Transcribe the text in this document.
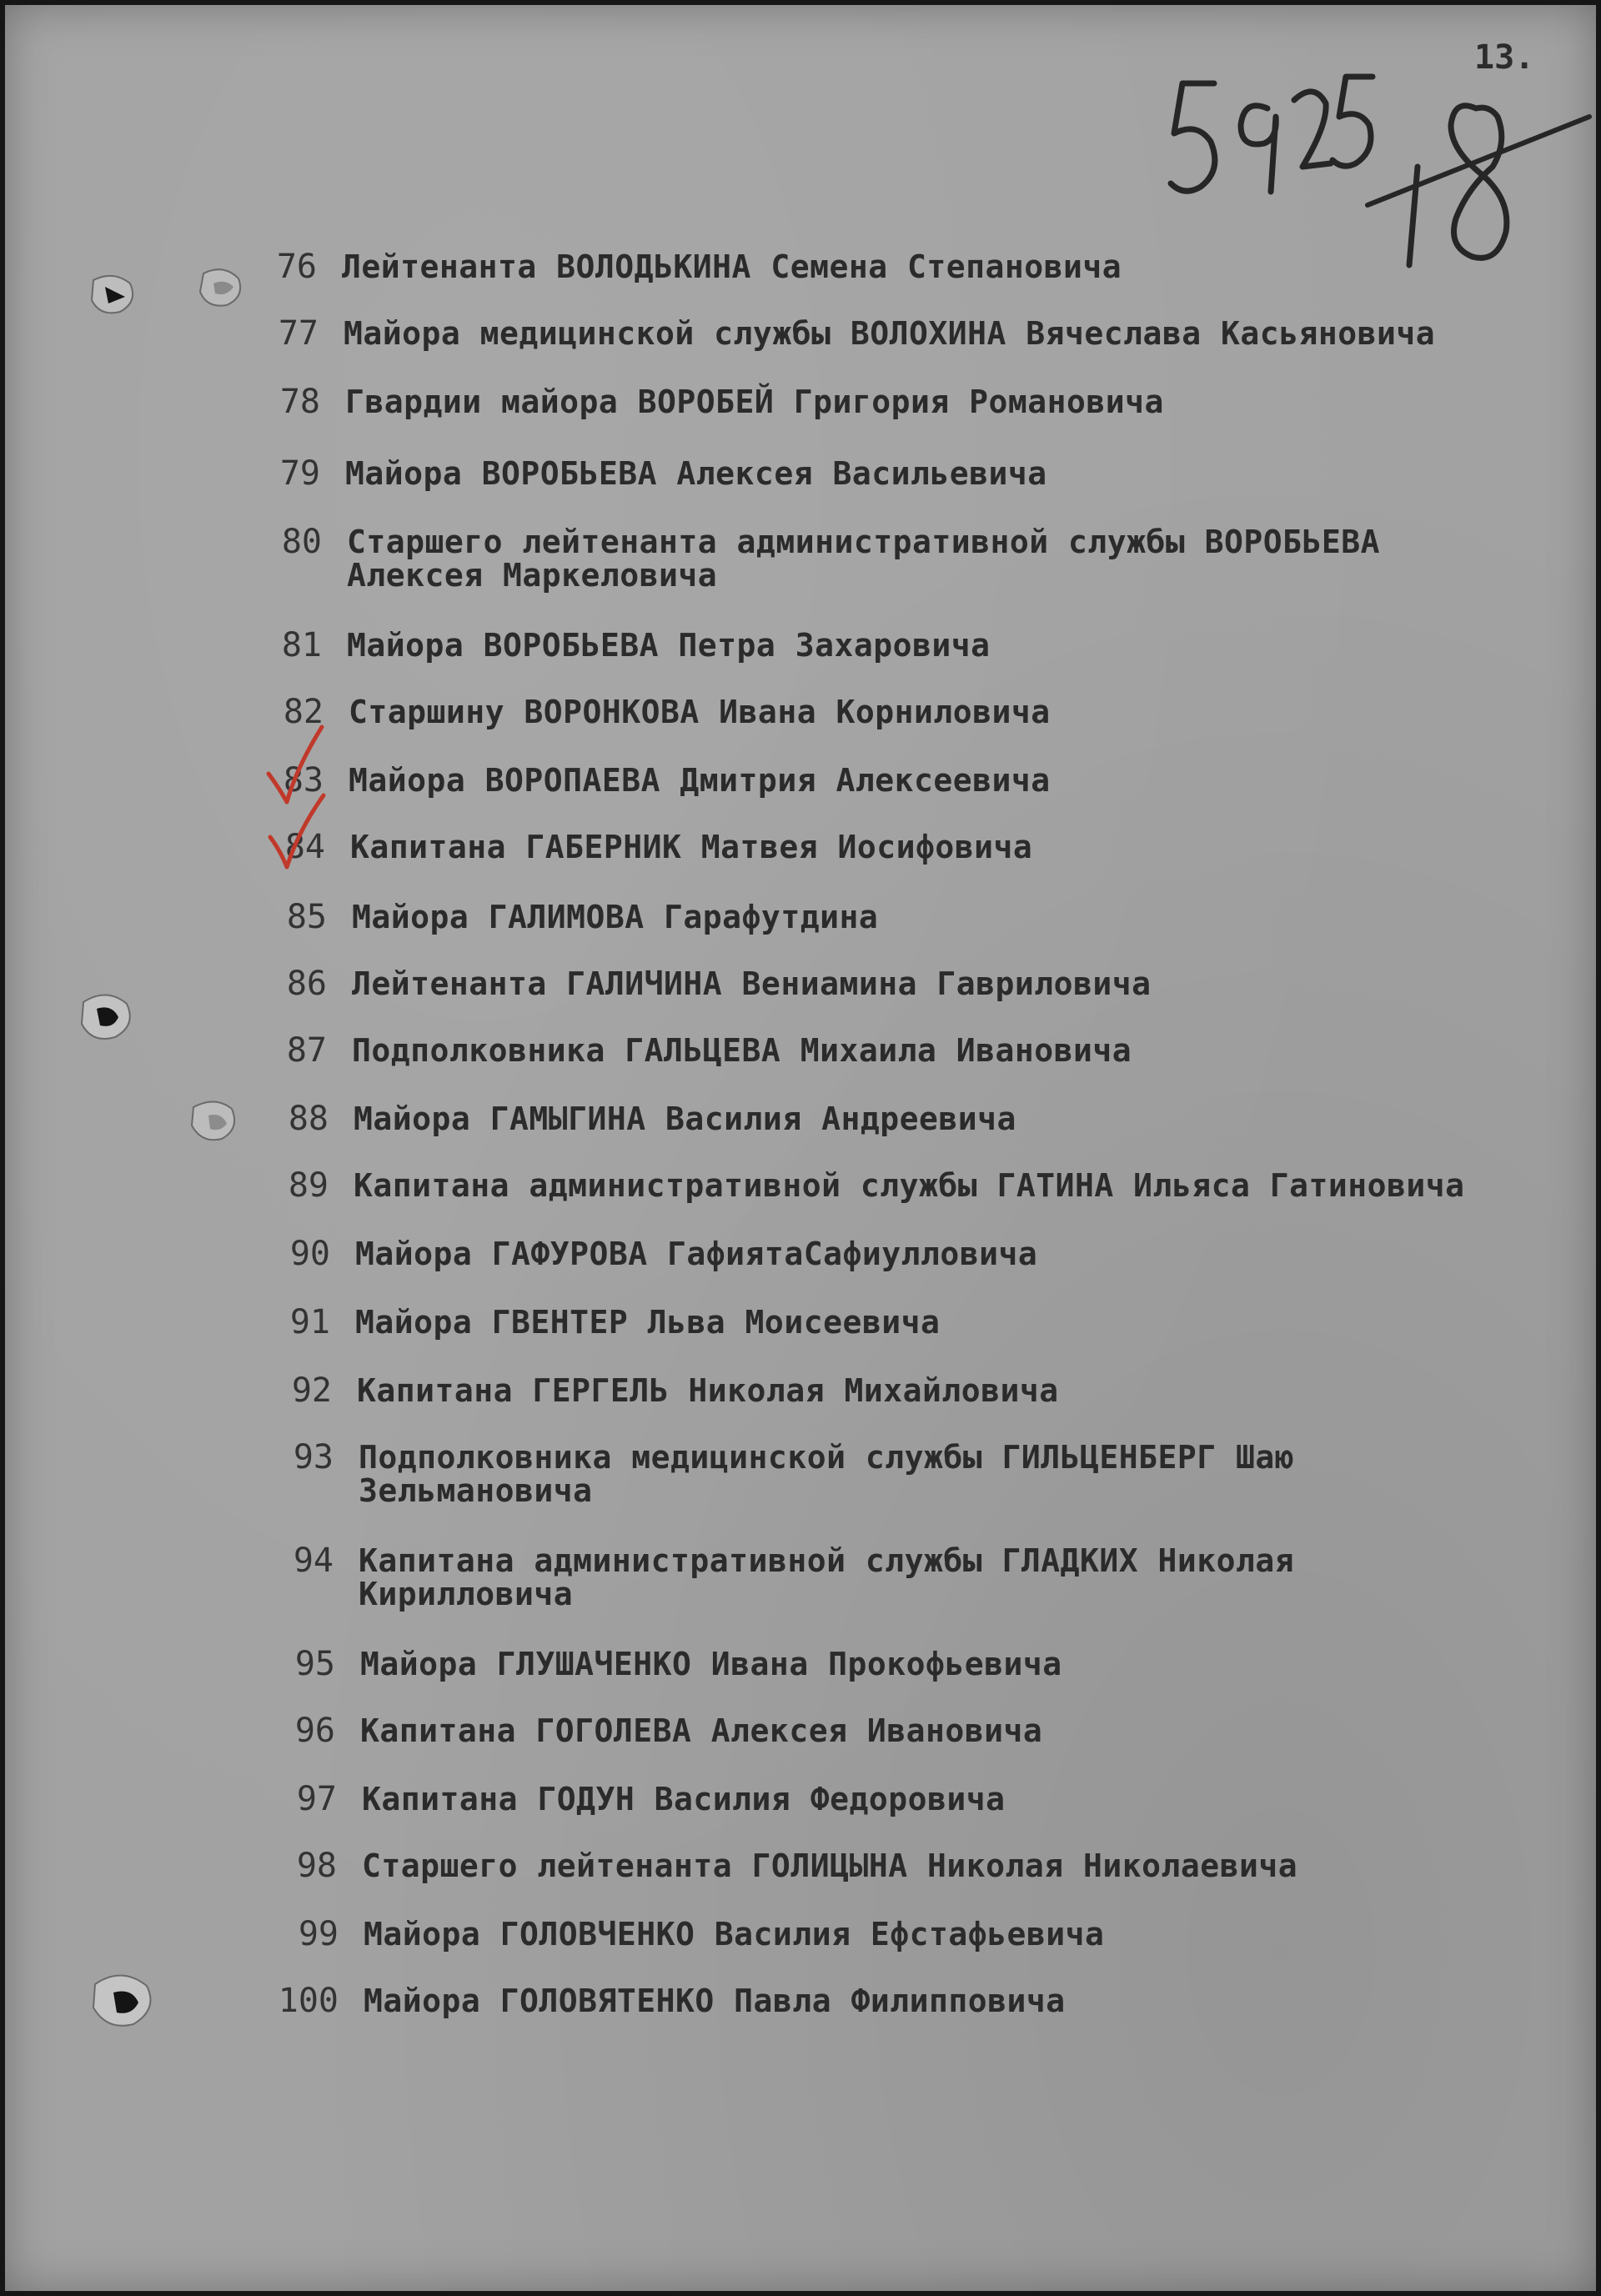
13.
76 Лейтенанта ВОЛОДЬКИНА Семена Степановича
77 Майора медицинской службы ВОЛОХИНА Вячеслава Касьяновича
78 Гвардии майора ВОРОБЕЙ Григория Романовича
79 Майора ВОРОБЬЕВА Алексея Васильевича
80 Старшего лейтенанта административной службы ВОРОБЬЕВА
Алексея Маркеловича
81 Майора ВОРОБЬЕВА Петра Захаровича
82 Старшину ВОРОНКОВА Ивана Корниловича
83 Майора ВОРОПАЕВА Дмитрия Алексеевича
84 Капитана ГАБЕРНИК Матвея Иосифовича
85 Майора ГАЛИМОВА Гарафутдина
86 Лейтенанта ГАЛИЧИНА Вениамина Гавриловича
87 Подполковника ГАЛЬЦЕВА Михаила Ивановича
88 Майора ГАМЫГИНА Василия Андреевича
89 Капитана административной службы ГАТИНА Ильяса Гатиновича
90 Майора ГАФУРОВА ГафиятаСафиулловича
91 Майора ГВЕНТЕР Льва Моисеевича
92 Капитана ГЕРГЕЛЬ Николая Михайловича
93 Подполковника медицинской службы ГИЛЬЦЕНБЕРГ Шаю
Зельмановича
94 Капитана административной службы ГЛАДКИХ Николая
Кирилловича
95 Майора ГЛУШАЧЕНКО Ивана Прокофьевича
96 Капитана ГОГОЛЕВА Алексея Ивановича
97 Капитана ГОДУН Василия Федоровича
98 Старшего лейтенанта ГОЛИЦЫНА Николая Николаевича
99 Майора ГОЛОВЧЕНКО Василия Ефстафьевича
100 Майора ГОЛОВЯТЕНКО Павла Филипповича
